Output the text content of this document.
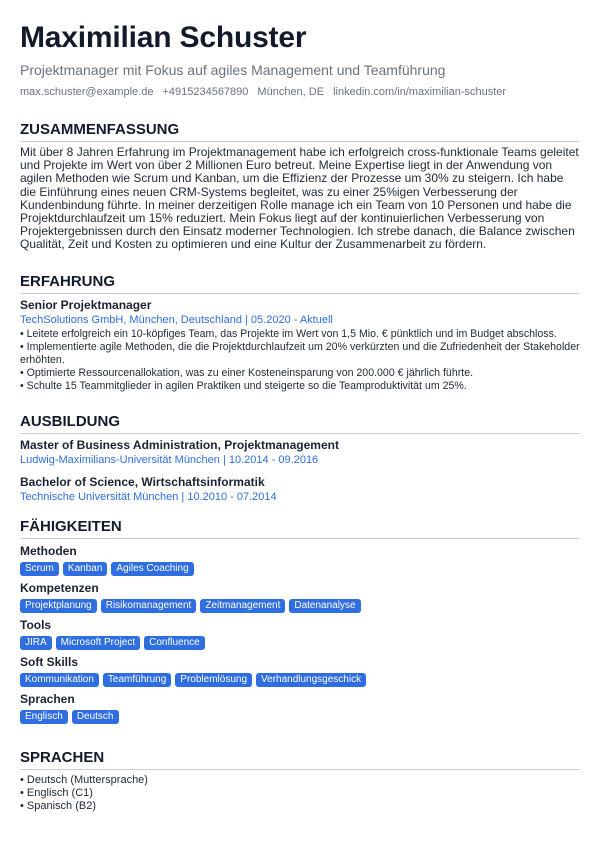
Maximilian Schuster
Projektmanager mit Fokus auf agiles Management und Teamführung
max.schuster@example.de +4915234567890 München, DE linkedin.com/in/maximilian-schuster
ZUSAMMENFASSUNG

Mit über 8 Jahren Erfahrung im Projektmanagement habe ich erfolgreich cross-funktionale Teams geleitet und Projekte im Wert von über 2 Millionen Euro betreut. Meine Expertise liegt in der Anwendung von agilen Methoden wie Scrum und Kanban, um die Effizienz der Prozesse um 30% zu steigern. Ich habe die Einführung eines neuen CRM-Systems begleitet, was zu einer 25%igen Verbesserung der Kundenbindung führte. In meiner derzeitigen Rolle manage ich ein Team von 10 Personen und habe die Projektdurchlaufzeit um 15% reduziert. Mein Fokus liegt auf der kontinuierlichen Verbesserung von Projektergebnissen durch den Einsatz moderner Technologien. Ich strebe danach, die Balance zwischen Qualität, Zeit und Kosten zu optimieren und eine Kultur der Zusammenarbeit zu fördern.

ERFAHRUNG
Senior Projektmanager
TechSolutions GmbH, München, Deutschland | 05.2020 - Aktuell
• Leitete erfolgreich ein 10-köpfiges Team, das Projekte im Wert von 1,5 Mio. € pünktlich und im Budget abschloss.
• Implementierte agile Methoden, die die Projektdurchlaufzeit um 20% verkürzten und die Zufriedenheit der Stakeholder erhöhten.
• Optimierte Ressourcenallokation, was zu einer Kosteneinsparung von 200.000 € jährlich führte.
• Schulte 15 Teammitglieder in agilen Praktiken und steigerte so die Teamproduktivität um 25%.
AUSBILDUNG
Master of Business Administration, Projektmanagement
Ludwig-Maximilians-Universität München | 10.2014 - 09.2016
Bachelor of Science, Wirtschaftsinformatik
Technische Universität München | 10.2010 - 07.2014
FÄHIGKEITEN
Methoden
Scrum	Kanban	Agiles Coaching
Kompetenzen
Projektplanung	Risikomanagement	Zeitmanagement	Datenanalyse
Tools
JIRA	Microsoft Project	Confluence
Soft Skills
Kommunikation	Teamführung	Problemlösung	Verhandlungsgeschick
Sprachen
Englisch	Deutsch
SPRACHEN
• Deutsch (Muttersprache)
• Englisch (C1)
• Spanisch (B2)
